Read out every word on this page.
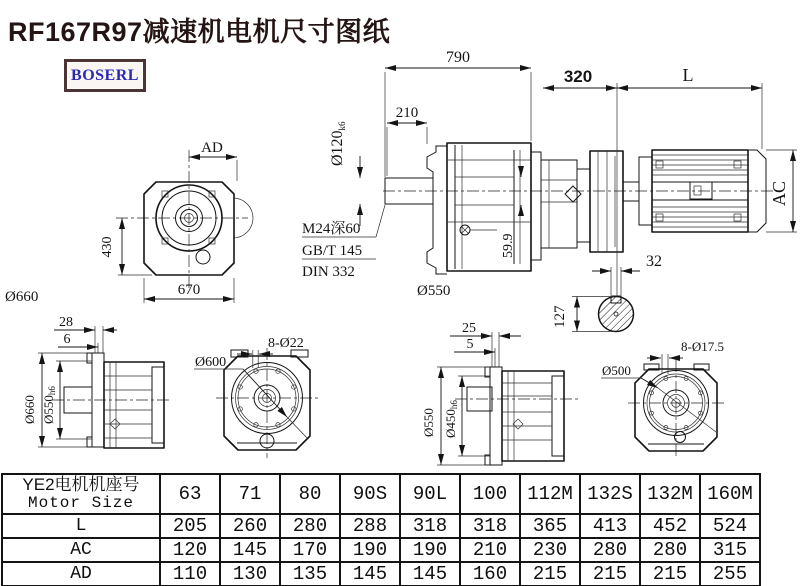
RF167R97减速机电机尺寸图纸
BOSERL
AD
430
670
Ø660
59.9
AC
790
320	L
210
Ø120k6
M24深60
GB/T 145
DIN 332
Ø550
32
127
28
6
Ø660 Ø550h6
Ø600
8-Ø22
25
5
Ø550 Ø450h6
Ø500
8-Ø17.5
YE2电机机座号
Motor Size	63	71	80	90S	90L	100	112M	132S	132M	160M
L	205	260	280	288	318	318	365	413	452	524
AC	120	145	170	190	190	210	230	280	280	315
AD	110	130	135	145	145	160	215	215	215	255
